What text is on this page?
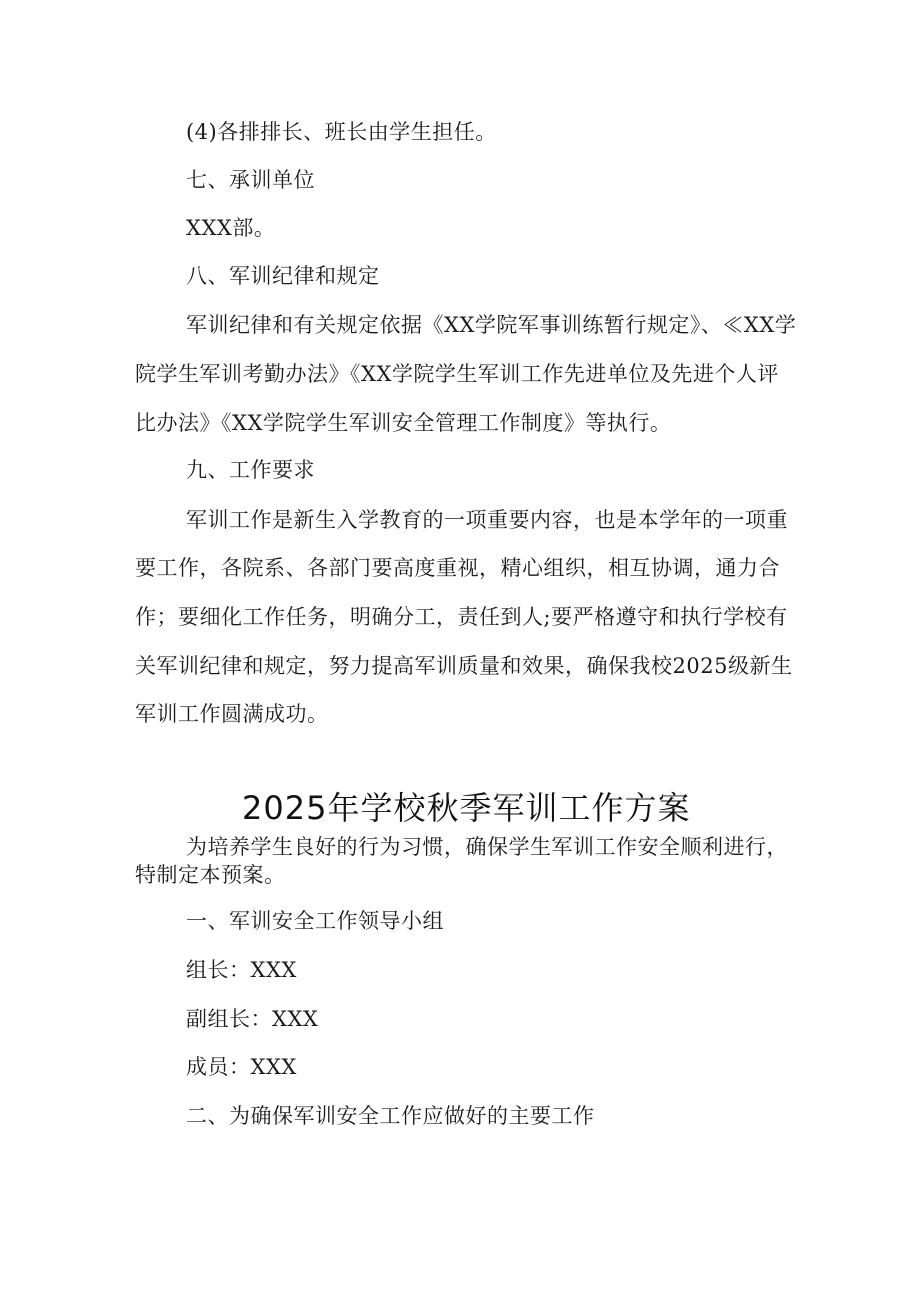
(4)各排排长、班长由学生担任。
七、承训单位
XXX部。
八、军训纪律和规定
军训纪律和有关规定依据《XX学院军事训练暂行规定》、≪XX学
院学生军训考勤办法》《XX学院学生军训工作先进单位及先进个人评
比办法》《XX学院学生军训安全管理工作制度》等执行。
九、工作要求
军训工作是新生入学教育的一项重要内容，也是本学年的一项重
要工作，各院系、各部门要高度重视，精心组织，相互协调，通力合
作；要细化工作任务，明确分工，责任到人;要严格遵守和执行学校有
关军训纪律和规定，努力提高军训质量和效果，确保我校2025级新生
军训工作圆满成功。
2025年学校秋季军训工作方案
为培养学生良好的行为习惯，确保学生军训工作安全顺利进行，
特制定本预案。
一、军训安全工作领导小组
组长：XXX
副组长：XXX
成员：XXX
二、为确保军训安全工作应做好的主要工作
